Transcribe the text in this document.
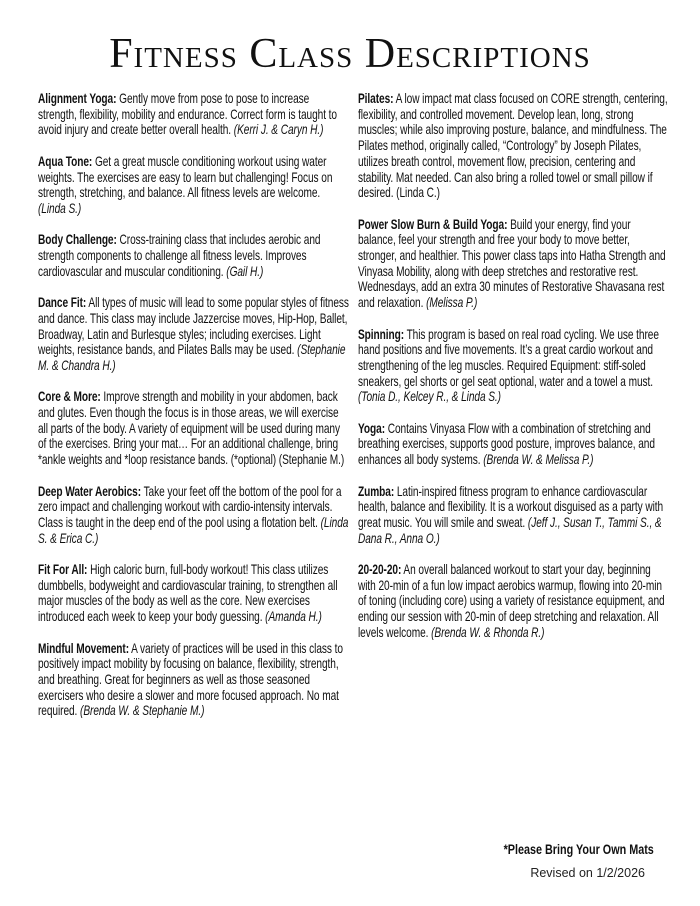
Fitness Class Descriptions

Alignment Yoga: Gently move from pose to pose to increase strength, flexibility, mobility and endurance. Correct form is taught to avoid injury and create better overall health. (Kerri J. & Caryn H.)

Aqua Tone: Get a great muscle conditioning workout using water weights. The exercises are easy to learn but challenging! Focus on strength, stretching, and balance. All fitness levels are welcome. (Linda S.)

Body Challenge: Cross-training class that includes aerobic and strength components to challenge all fitness levels. Improves cardiovascular and muscular conditioning. (Gail H.)

Dance Fit: All types of music will lead to some popular styles of fitness and dance. This class may include Jazzercise moves, Hip-Hop, Ballet, Broadway, Latin and Burlesque styles; including exercises. Light weights, resistance bands, and Pilates Balls may be used. (Stephanie M. & Chandra H.)

Core & More: Improve strength and mobility in your abdomen, back and glutes. Even though the focus is in those areas, we will exercise all parts of the body. A variety of equipment will be used during many of the exercises. Bring your mat… For an additional challenge, bring *ankle weights and *loop resistance bands. (*optional) (Stephanie M.)

Deep Water Aerobics: Take your feet off the bottom of the pool for a zero impact and challenging workout with cardio-intensity intervals. Class is taught in the deep end of the pool using a flotation belt. (Linda S. & Erica C.)

Fit For All: High caloric burn, full-body workout! This class utilizes dumbbells, bodyweight and cardiovascular training, to strengthen all major muscles of the body as well as the core. New exercises introduced each week to keep your body guessing. (Amanda H.)

Mindful Movement: A variety of practices will be used in this class to positively impact mobility by focusing on balance, flexibility, strength, and breathing. Great for beginners as well as those seasoned exercisers who desire a slower and more focused approach. No mat required. (Brenda W. & Stephanie M.)

Pilates: A low impact mat class focused on CORE strength, centering, flexibility, and controlled movement. Develop lean, long, strong muscles; while also improving posture, balance, and mindfulness. The Pilates method, originally called, “Contrology” by Joseph Pilates, utilizes breath control, movement flow, precision, centering and stability. Mat needed. Can also bring a rolled towel or small pillow if desired. (Linda C.)

Power Slow Burn & Build Yoga: Build your energy, find your balance, feel your strength and free your body to move better, stronger, and healthier. This power class taps into Hatha Strength and Vinyasa Mobility, along with deep stretches and restorative rest. Wednesdays, add an extra 30 minutes of Restorative Shavasana rest and relaxation. (Melissa P.)

Spinning: This program is based on real road cycling. We use three hand positions and five movements. It’s a great cardio workout and strengthening of the leg muscles. Required Equipment: stiff-soled sneakers, gel shorts or gel seat optional, water and a towel a must. (Tonia D., Kelcey R., & Linda S.)

Yoga: Contains Vinyasa Flow with a combination of stretching and breathing exercises, supports good posture, improves balance, and enhances all body systems. (Brenda W. & Melissa P.)

Zumba: Latin-inspired fitness program to enhance cardiovascular health, balance and flexibility. It is a workout disguised as a party with great music. You will smile and sweat. (Jeff J., Susan T., Tammi S., & Dana R., Anna O.)

20-20-20: An overall balanced workout to start your day, beginning with 20-min of a fun low impact aerobics warmup, flowing into 20-min of toning (including core) using a variety of resistance equipment, and ending our session with 20-min of deep stretching and relaxation. All levels welcome. (Brenda W. & Rhonda R.)

*Please Bring Your Own Mats
Revised on 1/2/2026
